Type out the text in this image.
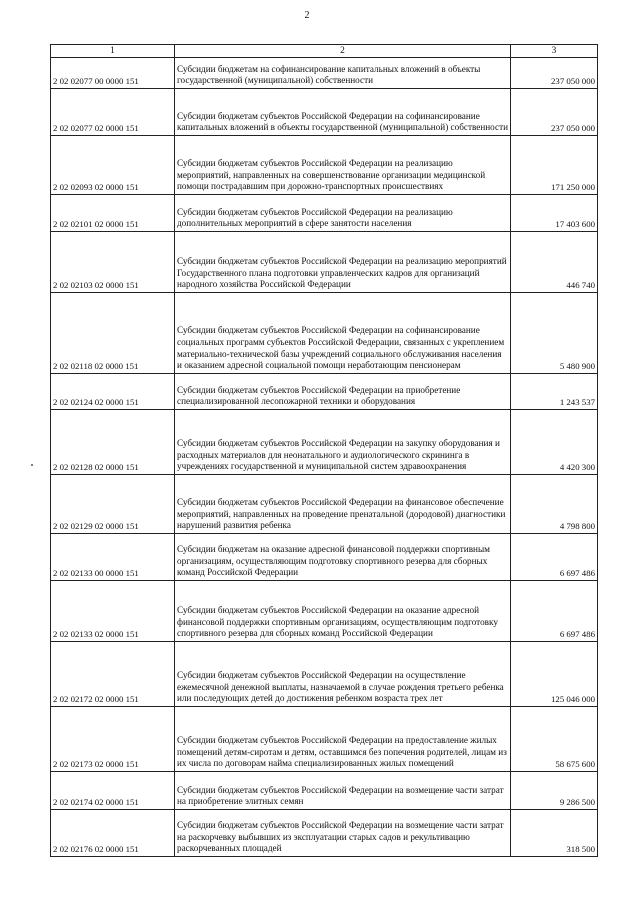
2
1	2	3
2 02 02077 00 0000 151	Субсидии бюджетам на софинансирование капитальных вложений в объекты государственной (муниципальной) собственности	237 050 000
2 02 02077 02 0000 151	Субсидии бюджетам субъектов Российской Федерации на софинансирование капитальных вложений в объекты государственной (муниципальной) собственности	237 050 000
2 02 02093 02 0000 151	Субсидии бюджетам субъектов Российской Федерации на реализацию мероприятий, направленных на совершенствование организации медицинской помощи пострадавшим при дорожно-транспортных происшествиях	171 250 000
2 02 02101 02 0000 151	Субсидии бюджетам субъектов Российской Федерации на реализацию дополнительных мероприятий в сфере занятости населения	17 403 600
2 02 02103 02 0000 151	Субсидии бюджетам субъектов Российской Федерации на реализацию мероприятий Государственного плана подготовки управленческих кадров для организаций народного хозяйства Российской Федерации	446 740
2 02 02118 02 0000 151	Субсидии бюджетам субъектов Российской Федерации на софинансирование социальных программ субъектов Российской Федерации, связанных с укреплением материально-технической базы учреждений социального обслуживания населения и оказанием адресной социальной помощи неработающим пенсионерам	5 480 900
2 02 02124 02 0000 151	Субсидии бюджетам субъектов Российской Федерации на приобретение специализированной лесопожарной техники и оборудования	1 243 537
2 02 02128 02 0000 151	Субсидии бюджетам субъектов Российской Федерации на закупку оборудования и расходных материалов для неонатального и аудиологического скрининга в учреждениях государственной и муниципальной систем здравоохранения	4 420 300
2 02 02129 02 0000 151	Субсидии бюджетам субъектов Российской Федерации на финансовое обеспечение мероприятий, направленных на проведение пренатальной (дородовой) диагностики нарушений развития ребенка	4 798 800
2 02 02133 00 0000 151	Субсидии бюджетам на оказание адресной финансовой поддержки спортивным организациям, осуществляющим подготовку спортивного резерва для сборных команд Российской Федерации	6 697 486
2 02 02133 02 0000 151	Субсидии бюджетам субъектов Российской Федерации на оказание адресной финансовой поддержки спортивным организациям, осуществляющим подготовку спортивного резерва для сборных команд Российской Федерации	6 697 486
2 02 02172 02 0000 151	Субсидии бюджетам субъектов Российской Федерации на осуществление ежемесячной денежной выплаты, назначаемой в случае рождения третьего ребенка или последующих детей до достижения ребенком возраста трех лет	125 046 000
2 02 02173 02 0000 151	Субсидии бюджетам субъектов Российской Федерации на предоставление жилых помещений детям-сиротам и детям, оставшимся без попечения родителей, лицам из их числа по договорам найма специализированных жилых помещений	58 675 600
2 02 02174 02 0000 151	Субсидии бюджетам субъектов Российской Федерации на возмещение части затрат на приобретение элитных семян	9 286 500
2 02 02176 02 0000 151	Субсидии бюджетам субъектов Российской Федерации на возмещение части затрат на раскорчевку выбывших из эксплуатации старых садов и рекультивацию раскорчеванных площадей	318 500
